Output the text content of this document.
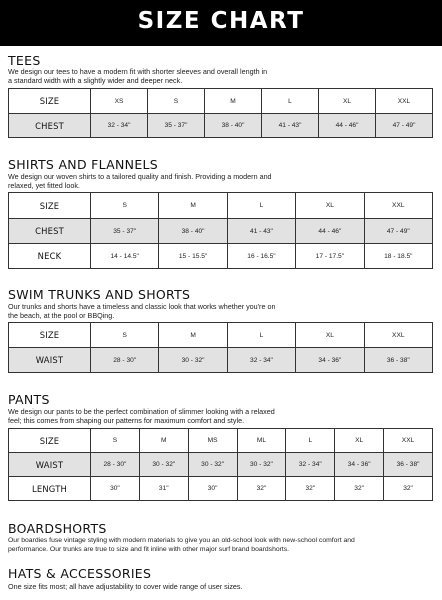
SIZE CHART
TEES
We design our tees to have a modern fit with shorter sleeves and overall length in
a standard width with a slightly wider and deeper neck.
SIZE	XS	S	M	L	XL	XXL
CHEST	32 - 34"	35 - 37"	38 - 40"	41 - 43"	44 - 46"	47 - 49"
SHIRTS AND FLANNELS
We design our woven shirts to a tailored quality and finish. Providing a modern and
relaxed, yet fitted look.
SIZE	S	M	L	XL	XXL
CHEST	35 - 37"	38 - 40"	41 - 43"	44 - 46"	47 - 49"
NECK	14 - 14.5"	15 - 15.5"	16 - 16.5"	17 - 17.5"	18 - 18.5"
SWIM TRUNKS AND SHORTS
Our trunks and shorts have a timeless and classic look that works whether you're on
the beach, at the pool or BBQing.
SIZE	S	M	L	XL	XXL
WAIST	28 - 30"	30 - 32"	32 - 34"	34 - 36"	36 - 38"
PANTS
We design our pants to be the perfect combination of slimmer looking with a relaxed
feel; this comes from shaping our patterns for maximum comfort and style.
SIZE	S	M	MS	ML	L	XL	XXL
WAIST	28 - 30"	30 - 32"	30 - 32"	30 - 32"	32 - 34"	34 - 36"	36 - 38"
LENGTH	30"	31"	30"	32"	32"	32"	32"
BOARDSHORTS
Our boardies fuse vintage styling with modern materials to give you an old-school look with new-school comfort and
performance. Our trunks are true to size and fit inline with other major surf brand boardshorts.
HATS & ACCESSORIES
One size fits most; all have adjustability to cover wide range of user sizes.
